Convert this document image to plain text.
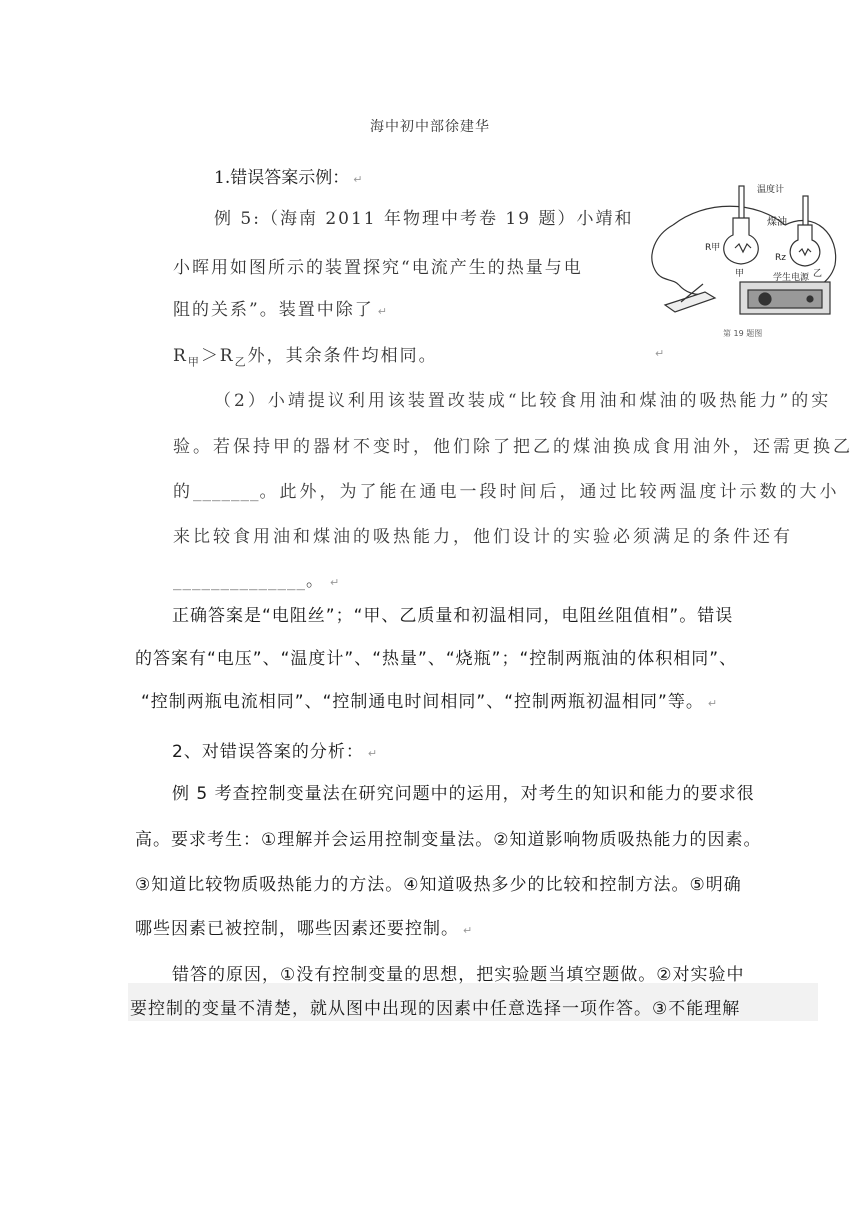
海中初中部徐建华
1.错误答案示例： ↵
例 5:（海南 2011 年物理中考卷 19 题）小靖和
小晖用如图所示的装置探究“电流产生的热量与电
阻的关系”。装置中除了 ↵
$R_甲>R_乙$外，其余条件均相同。	↵
温度计
煤油
R甲
Rz
甲	乙
学生电源
第 19 题图
（2）小靖提议利用该装置改装成“比较食用油和煤油的吸热能力”的实
验。若保持甲的器材不变时，他们除了把乙的煤油换成食用油外，还需更换乙
的_______。此外，为了能在通电一段时间后，通过比较两温度计示数的大小
来比较食用油和煤油的吸热能力，他们设计的实验必须满足的条件还有
______________。 ↵
正确答案是“电阻丝”；“甲、乙质量和初温相同，电阻丝阻值相”。错误
的答案有“电压”、“温度计”、“热量”、“烧瓶”；“控制两瓶油的体积相同”、
“控制两瓶电流相同”、“控制通电时间相同”、“控制两瓶初温相同”等。 ↵
2、对错误答案的分析： ↵
例 5 考查控制变量法在研究问题中的运用，对考生的知识和能力的要求很
高。要求考生：①理解并会运用控制变量法。②知道影响物质吸热能力的因素。
③知道比较物质吸热能力的方法。④知道吸热多少的比较和控制方法。⑤明确
哪些因素已被控制，哪些因素还要控制。 ↵
错答的原因，①没有控制变量的思想，把实验题当填空题做。②对实验中
要控制的变量不清楚，就从图中出现的因素中任意选择一项作答。③不能理解
